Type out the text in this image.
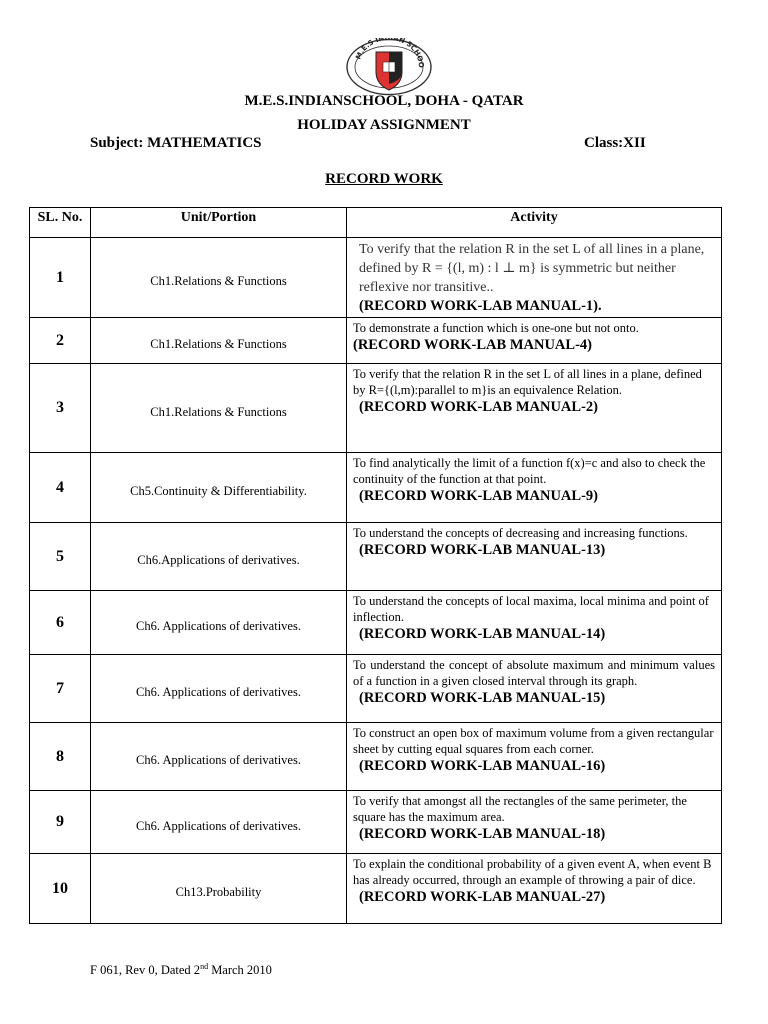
M.E.S INDIAN SCHOO
M.E.S.INDIANSCHOOL, DOHA - QATAR
HOLIDAY ASSIGNMENT
Subject: MATHEMATICS	Class:XII
RECORD WORK
SL. No.	Unit/Portion	Activity
1	Ch1.Relations & Functions	To verify that the relation R in the set L of all lines in a plane, defined by R = {(l, m) : l ⊥ m} is symmetric but neither reflexive nor transitive..
(RECORD WORK-LAB MANUAL-1).

2	Ch1.Relations & Functions	To demonstrate a function which is one-one but not onto.
(RECORD WORK-LAB MANUAL-4)

3	Ch1.Relations & Functions	To verify that the relation R in the set L of all lines in a plane, defined by R={(l,m):parallel to m}is an equivalence Relation.
(RECORD WORK-LAB MANUAL-2)

4	Ch5.Continuity & Differentiability.	To find analytically the limit of a function f(x)=c and also to check the continuity of the function at that point.
(RECORD WORK-LAB MANUAL-9)

5	Ch6.Applications of derivatives.	To understand the concepts of decreasing and increasing functions.
(RECORD WORK-LAB MANUAL-13)

6	Ch6. Applications of derivatives.	To understand the concepts of local maxima, local minima and point of inflection.
(RECORD WORK-LAB MANUAL-14)

7	Ch6. Applications of derivatives.	To understand the concept of absolute maximum and minimum values of a function in a given closed interval through its graph.
(RECORD WORK-LAB MANUAL-15)

8	Ch6. Applications of derivatives.	To construct an open box of maximum volume from a given rectangular sheet by cutting equal squares from each corner.
(RECORD WORK-LAB MANUAL-16)

9	Ch6. Applications of derivatives.	To verify that amongst all the rectangles of the same perimeter, the square has the maximum area.
(RECORD WORK-LAB MANUAL-18)

10	Ch13.Probability	To explain the conditional probability of a given event A, when event B has already occurred, through an example of throwing a pair of dice.
(RECORD WORK-LAB MANUAL-27)
F 061, Rev 0, Dated 2nd March 2010
